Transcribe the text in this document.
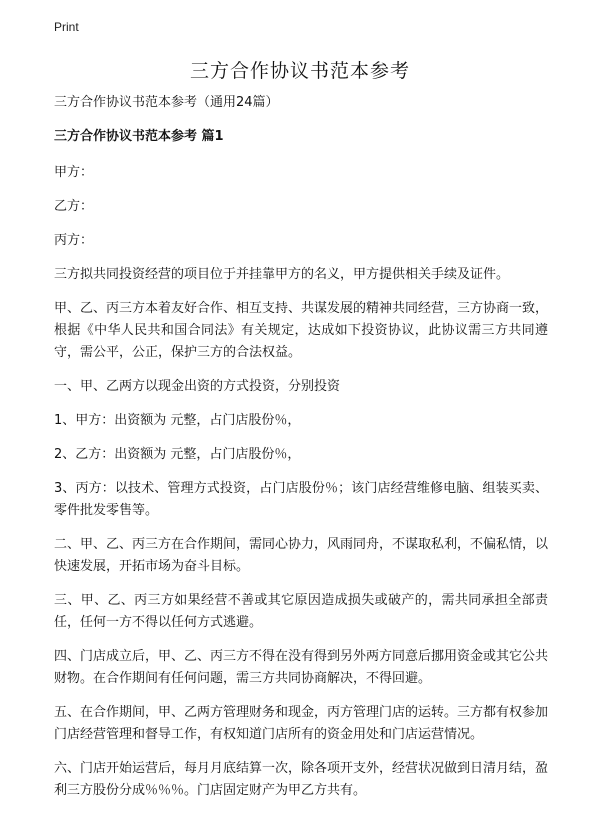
Print
三方合作协议书范本参考

三方合作协议书范本参考（通用24篇）

三方合作协议书范本参考 篇1

甲方：

乙方：

丙方：

三方拟共同投资经营的项目位于并挂靠甲方的名义，甲方提供相关手续及证件。

甲、乙、丙三方本着友好合作、相互支持、共谋发展的精神共同经营，三方协商一致，根据《中华人民共和国合同法》有关规定，达成如下投资协议，此协议需三方共同遵守，需公平，公正，保护三方的合法权益。

一、甲、乙两方以现金出资的方式投资，分别投资

1、甲方：出资额为 元整，占门店股份％，

2、乙方：出资额为 元整，占门店股份％，

3、丙方：以技术、管理方式投资，占门店股份％；该门店经营维修电脑、组装买卖、零件批发零售等。

二、甲、乙、丙三方在合作期间，需同心协力，风雨同舟，不谋取私利，不偏私情，以快速发展，开拓市场为奋斗目标。

三、甲、乙、丙三方如果经营不善或其它原因造成损失或破产的，需共同承担全部责任，任何一方不得以任何方式逃避。

四、门店成立后，甲、乙、丙三方不得在没有得到另外两方同意后挪用资金或其它公共财物。在合作期间有任何问题，需三方共同协商解决，不得回避。

五、在合作期间，甲、乙两方管理财务和现金，丙方管理门店的运转。三方都有权参加门店经营管理和督导工作，有权知道门店所有的资金用处和门店运营情况。

六、门店开始运营后，每月月底结算一次，除各项开支外，经营状况做到日清月结，盈利三方股份分成％％％。门店固定财产为甲乙方共有。
